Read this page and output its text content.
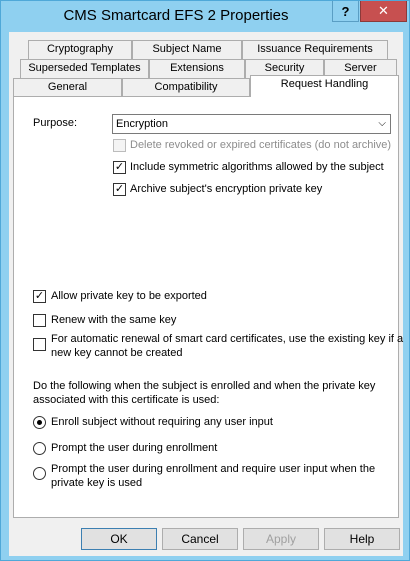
CMS Smartcard EFS 2 Properties	?	✕
Cryptography	Subject Name	Issuance Requirements
Superseded Templates	Extensions	Security	Server
General	Compatibility	Request Handling
Purpose:	Encryption	⌵
Delete revoked or expired certificates (do not archive)
✓ Include symmetric algorithms allowed by the subject
✓ Archive subject's encryption private key
✓ Allow private key to be exported
Renew with the same key
For automatic renewal of smart card certificates, use the existing key if a
new key cannot be created
Do the following when the subject is enrolled and when the private key
associated with this certificate is used:
Enroll subject without requiring any user input
Prompt the user during enrollment
Prompt the user during enrollment and require user input when the
private key is used
OK	Cancel	Apply	Help
